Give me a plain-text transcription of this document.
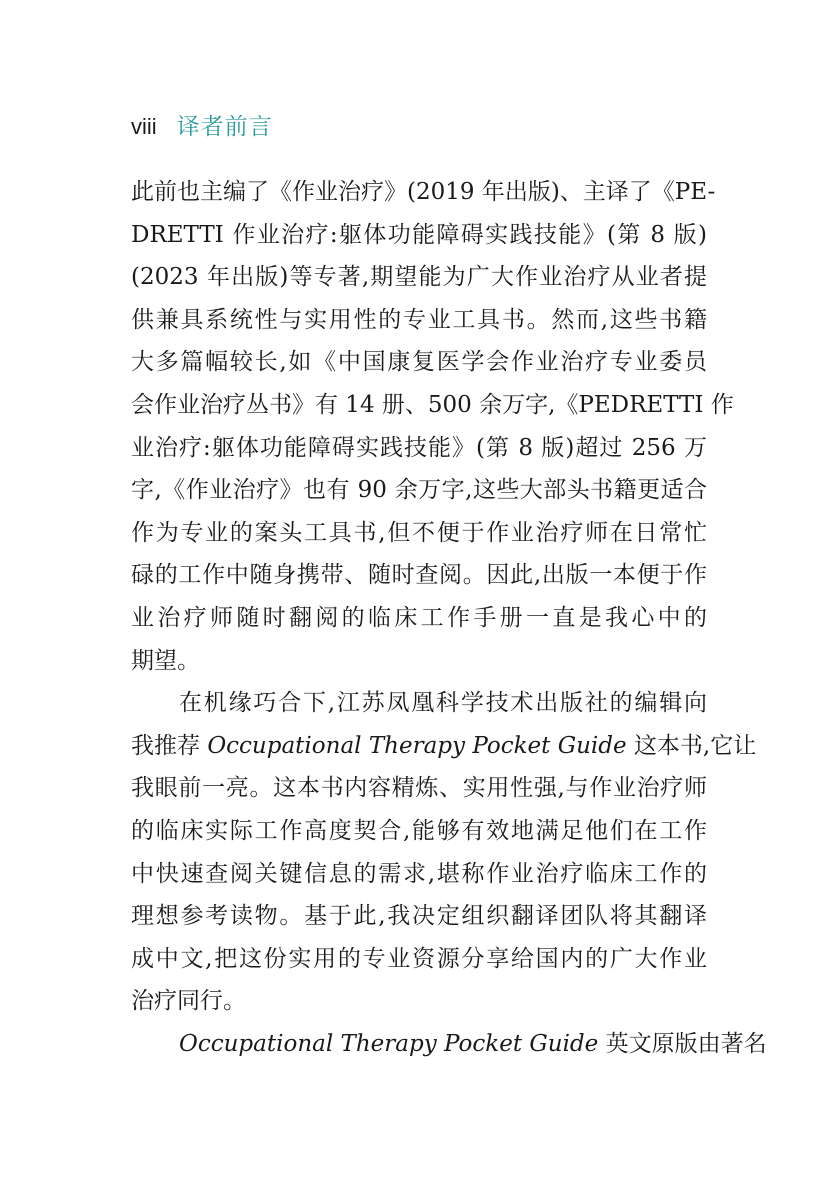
viii 译者前言
此前也主编了《作业治疗》(2019 年出版)、主译了《PE-
DRETTI 作业治疗:躯体功能障碍实践技能》(第 8 版)
(2023 年出版)等专著,期望能为广大作业治疗从业者提
供兼具系统性与实用性的专业工具书。然而,这些书籍
大多篇幅较长,如《中国康复医学会作业治疗专业委员
会作业治疗丛书》有 14 册、500 余万字,《PEDRETTI 作
业治疗:躯体功能障碍实践技能》(第 8 版)超过 256 万
字,《作业治疗》也有 90 余万字,这些大部头书籍更适合
作为专业的案头工具书,但不便于作业治疗师在日常忙
碌的工作中随身携带、随时查阅。因此,出版一本便于作
业治疗师随时翻阅的临床工作手册一直是我心中的
期望。
在机缘巧合下,江苏凤凰科学技术出版社的编辑向
我推荐 Occupational Therapy Pocket Guide 这本书,它让
我眼前一亮。这本书内容精炼、实用性强,与作业治疗师
的临床实际工作高度契合,能够有效地满足他们在工作
中快速查阅关键信息的需求,堪称作业治疗临床工作的
理想参考读物。基于此,我决定组织翻译团队将其翻译
成中文,把这份实用的专业资源分享给国内的广大作业
治疗同行。
Occupational Therapy Pocket Guide 英文原版由著名
